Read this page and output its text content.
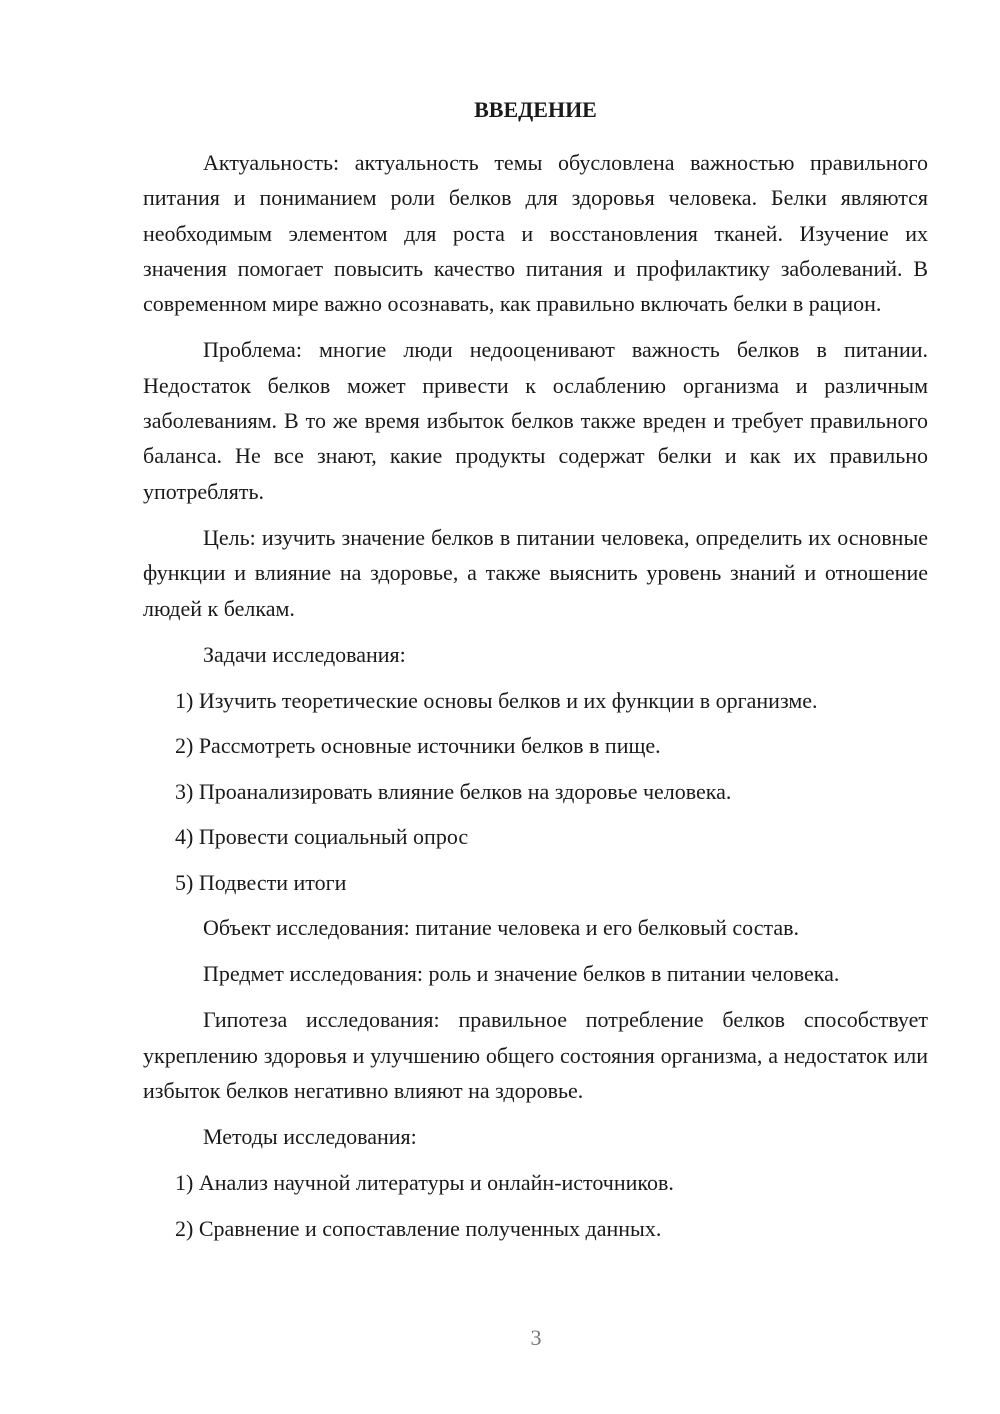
ВВЕДЕНИЕ

Актуальность: актуальность темы обусловлена важностью правильного питания и пониманием роли белков для здоровья человека. Белки являются необходимым элементом для роста и восстановления тканей. Изучение их значения помогает повысить качество питания и профилактику заболеваний. В современном мире важно осознавать, как правильно включать белки в рацион.

Проблема: многие люди недооценивают важность белков в питании. Недостаток белков может привести к ослаблению организма и различным заболеваниям. В то же время избыток белков также вреден и требует правильного баланса. Не все знают, какие продукты содержат белки и как их правильно употреблять.

Цель: изучить значение белков в питании человека, определить их основные функции и влияние на здоровье, а также выяснить уровень знаний и отношение людей к белкам.

Задачи исследования:

1) Изучить теоретические основы белков и их функции в организме.

2) Рассмотреть основные источники белков в пище.

3) Проанализировать влияние белков на здоровье человека.

4) Провести социальный опрос

5) Подвести итоги

Объект исследования: питание человека и его белковый состав.

Предмет исследования: роль и значение белков в питании человека.

Гипотеза исследования: правильное потребление белков способствует укреплению здоровья и улучшению общего состояния организма, а недостаток или избыток белков негативно влияют на здоровье.

Методы исследования:

1) Анализ научной литературы и онлайн-источников.

2) Сравнение и сопоставление полученных данных.

3
